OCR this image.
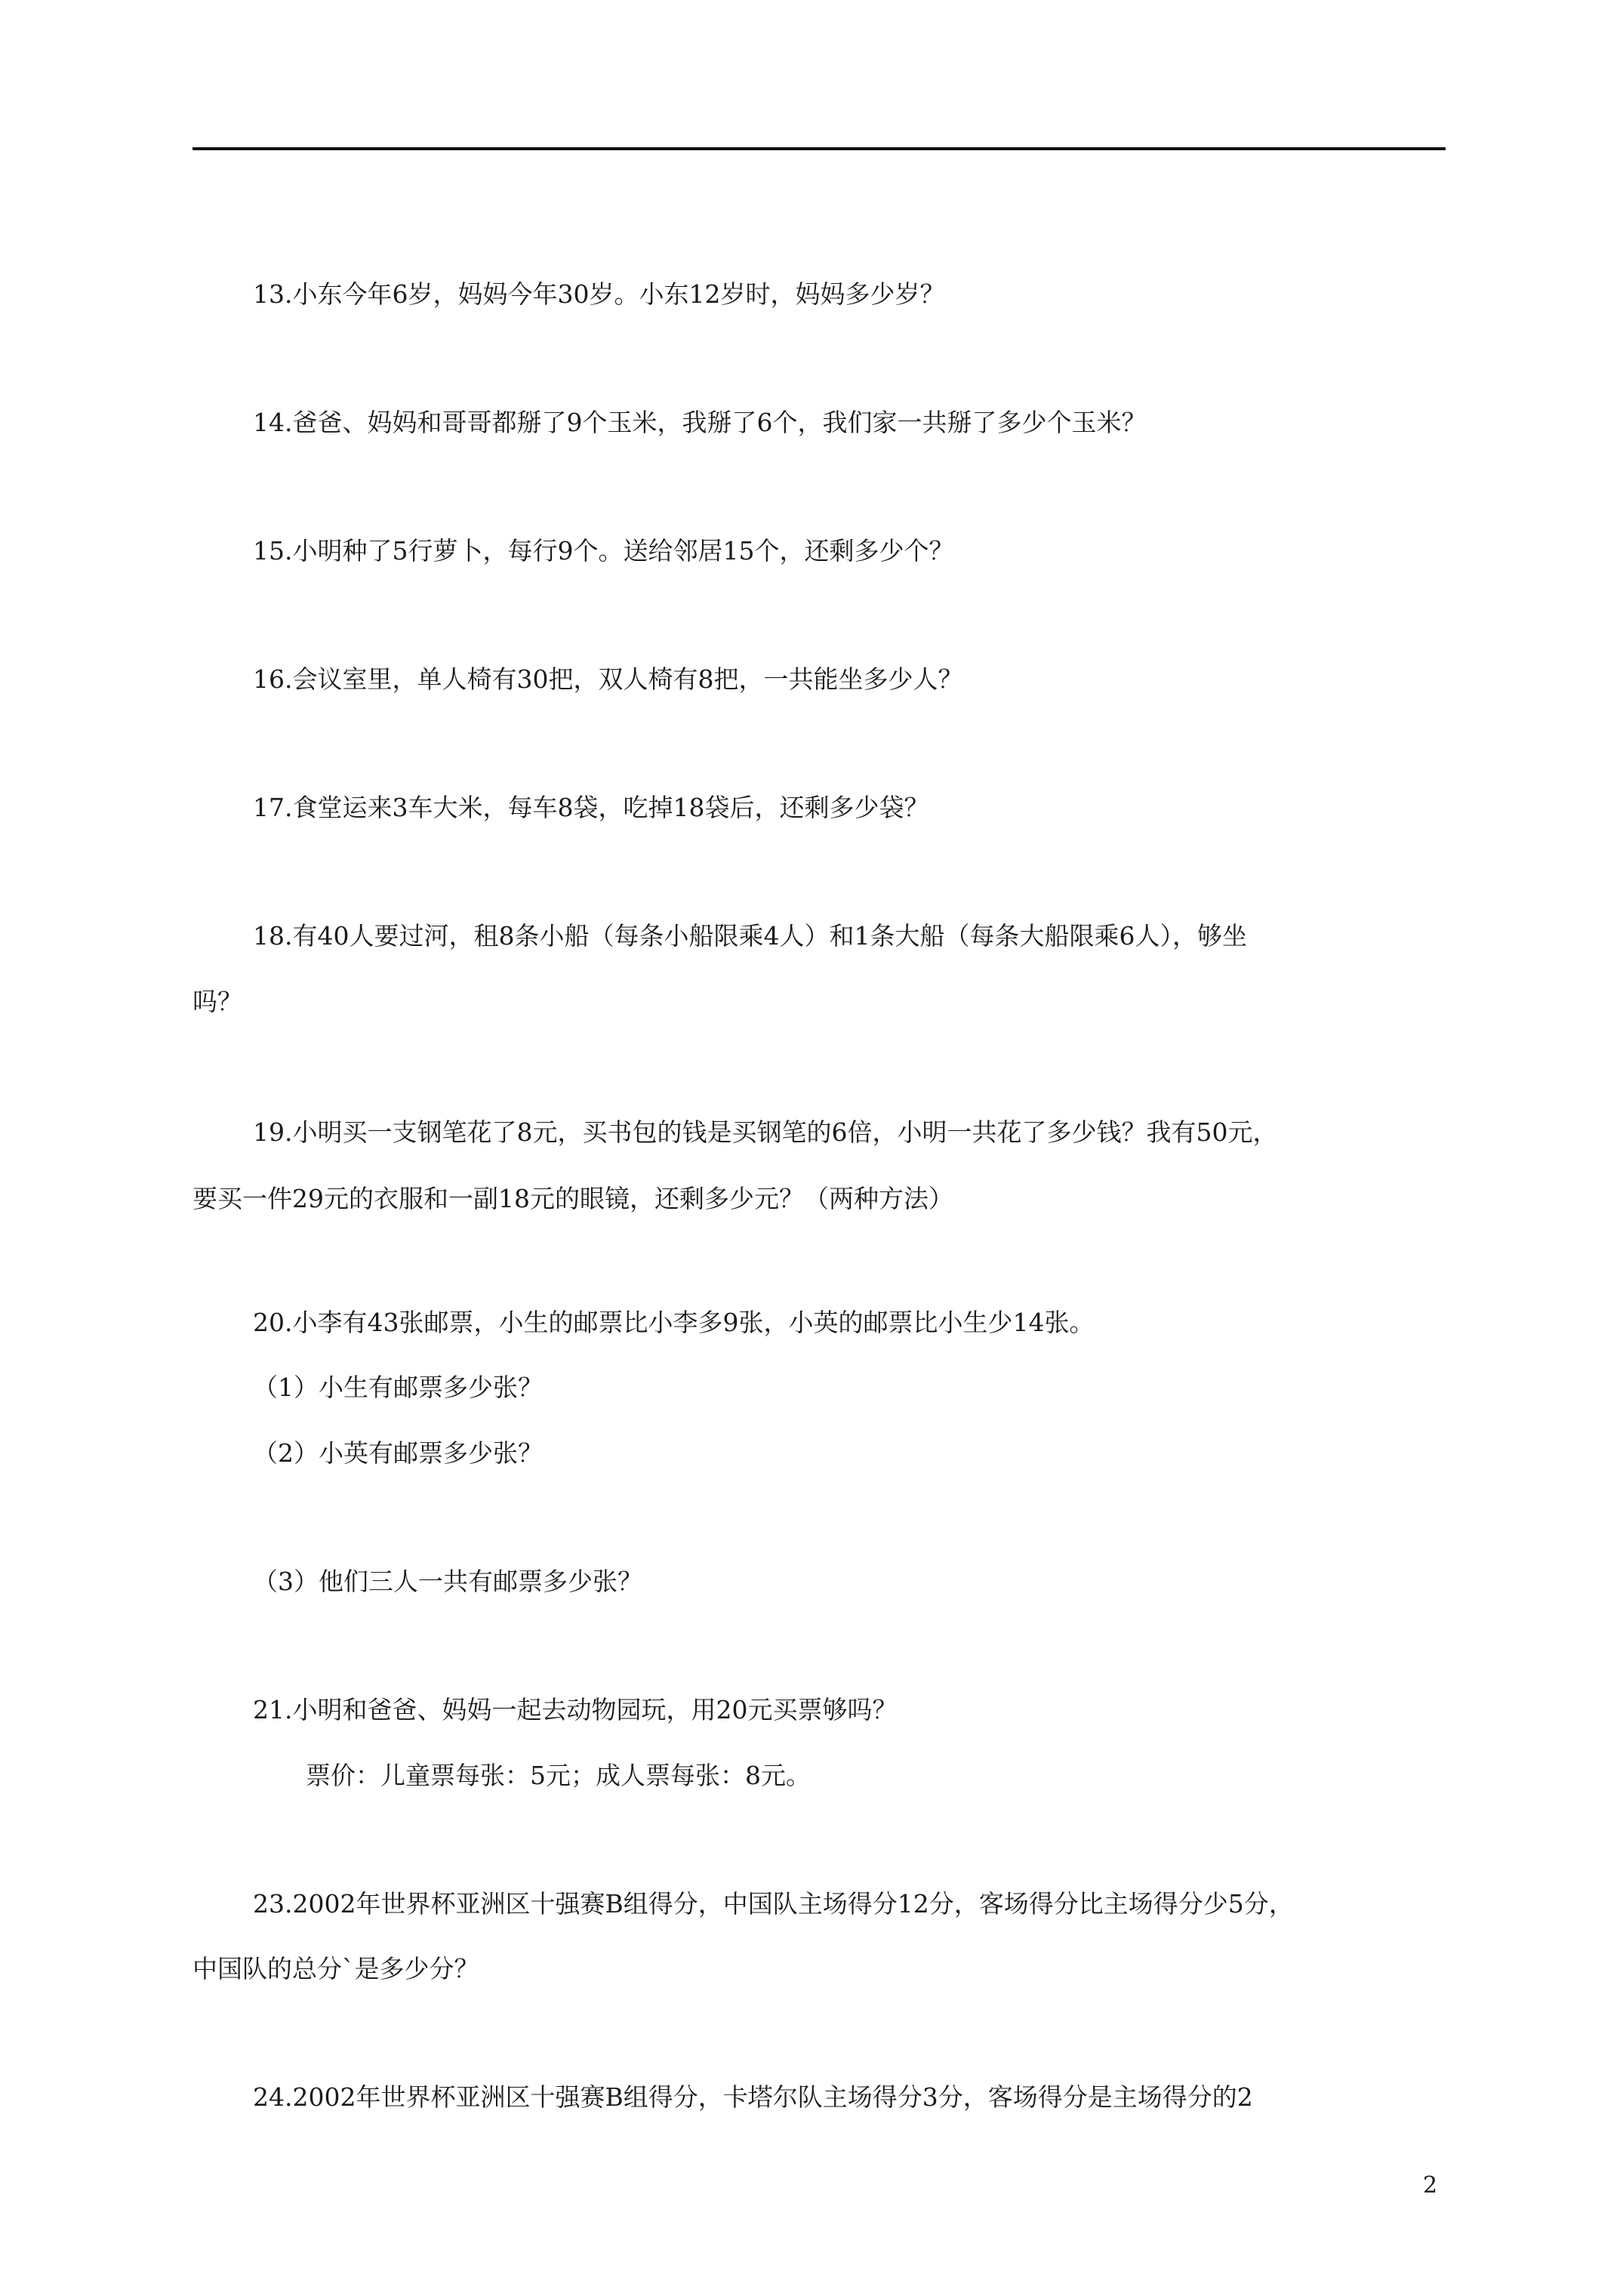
13.小东今年6岁，妈妈今年30岁。小东12岁时，妈妈多少岁？
14.爸爸、妈妈和哥哥都掰了9个玉米，我掰了6个，我们家一共掰了多少个玉米？
15.小明种了5行萝卜，每行9个。送给邻居15个，还剩多少个？
16.会议室里，单人椅有30把，双人椅有8把，一共能坐多少人？
17.食堂运来3车大米，每车8袋，吃掉18袋后，还剩多少袋？
18.有40人要过河，租8条小船（每条小船限乘4人）和1条大船（每条大船限乘6人），够坐
吗？
19.小明买一支钢笔花了8元，买书包的钱是买钢笔的6倍，小明一共花了多少钱？我有50元，
要买一件29元的衣服和一副18元的眼镜，还剩多少元？（两种方法）
20.小李有43张邮票，小生的邮票比小李多9张，小英的邮票比小生少14张。
（1）小生有邮票多少张？
（2）小英有邮票多少张？
（3）他们三人一共有邮票多少张？
21.小明和爸爸、妈妈一起去动物园玩，用20元买票够吗？
票价：儿童票每张：5元；成人票每张：8元。
23.2002年世界杯亚洲区十强赛B组得分，中国队主场得分12分，客场得分比主场得分少5分，
中国队的总分`是多少分？
24.2002年世界杯亚洲区十强赛B组得分，卡塔尔队主场得分3分，客场得分是主场得分的2
2
